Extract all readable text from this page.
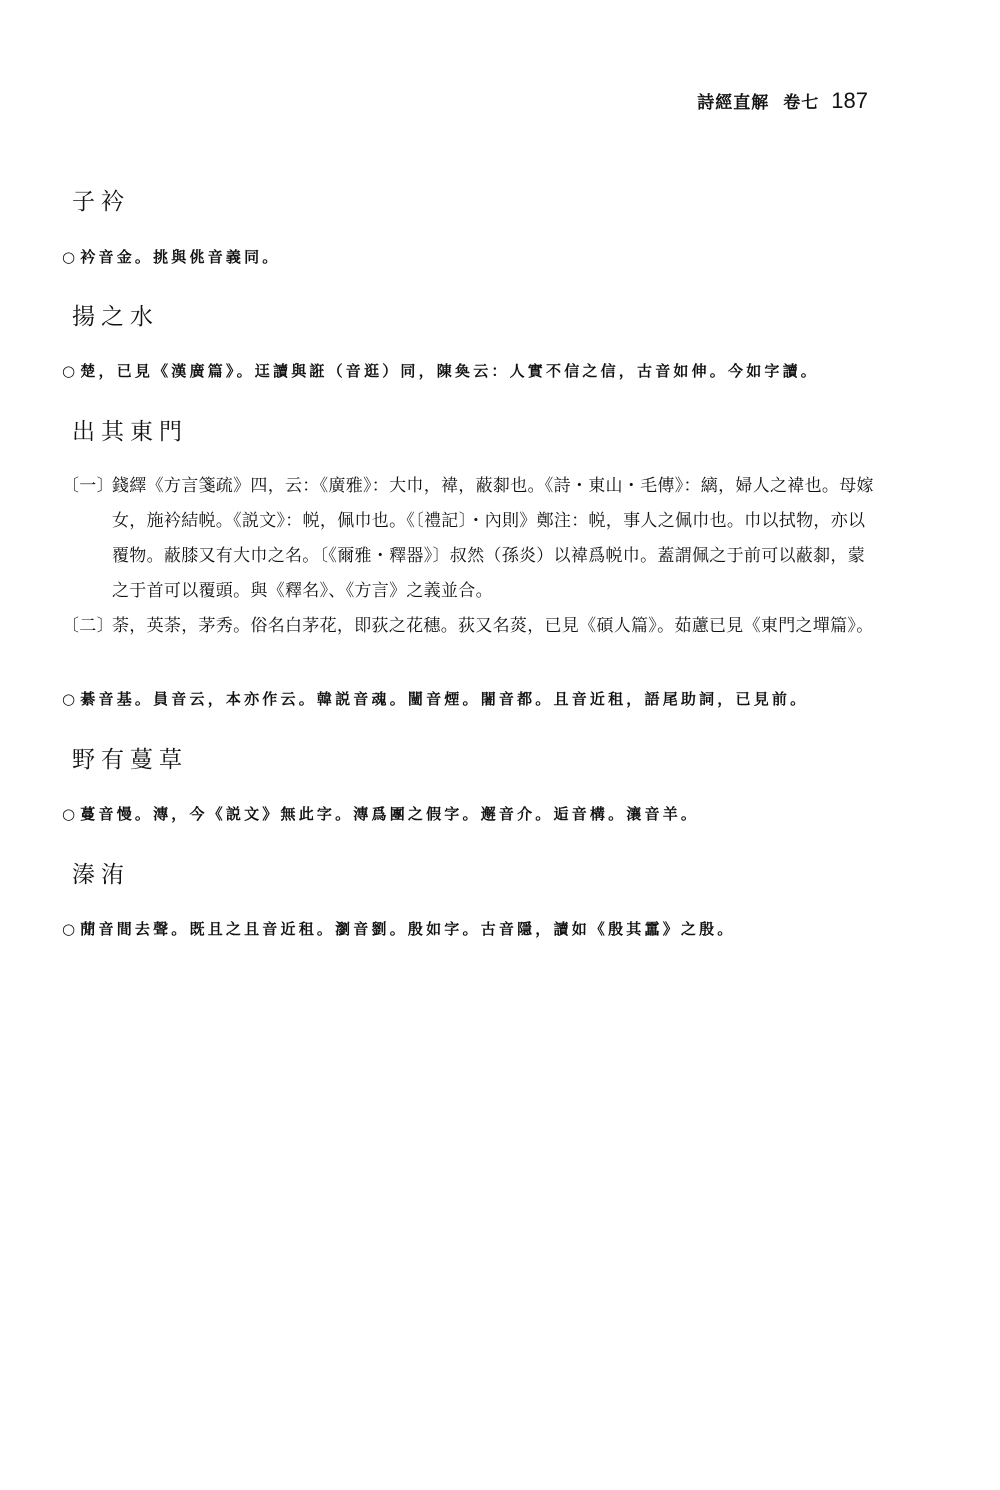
詩經直解 卷七 187
子衿
○ 衿音金。挑與佻音義同。
揚之水
○ 楚，已見《漢廣篇》。迋讀與誑（音逛）同，陳奐云：人實不信之信，古音如伸。今如字讀。
出其東門
〔一〕
錢繹《方言箋疏》四，云：《廣雅》：大巾，褘，蔽厀也。《詩・東山・毛傳》：縭，婦人之褘也。母嫁女，施衿結帨。《説文》：帨，佩巾也。《〔禮記〕・內則》鄭注：帨，事人之佩巾也。巾以拭物，亦以覆物。蔽膝又有大巾之名。〔《爾雅・釋器》〕叔然（孫炎）以褘爲帨巾。蓋謂佩之于前可以蔽厀，蒙之于首可以覆頭。與《釋名》、《方言》之義並合。
〔二〕
荼，英荼，茅秀。俗名白茅花，即荻之花穗。荻又名菼，已見《碩人篇》。茹藘已見《東門之墠篇》。
○ 綦音基。員音云，本亦作云。韓説音魂。闉音煙。闍音都。且音近租，語尾助詞，已見前。
野有蔓草
○ 蔓音慢。漙，今《説文》無此字。漙爲團之假字。邂音介。逅音構。瀼音羊。
溱洧
○ 蕑音間去聲。既且之且音近租。瀏音劉。殷如字。古音隱，讀如《殷其靁》之殷。
